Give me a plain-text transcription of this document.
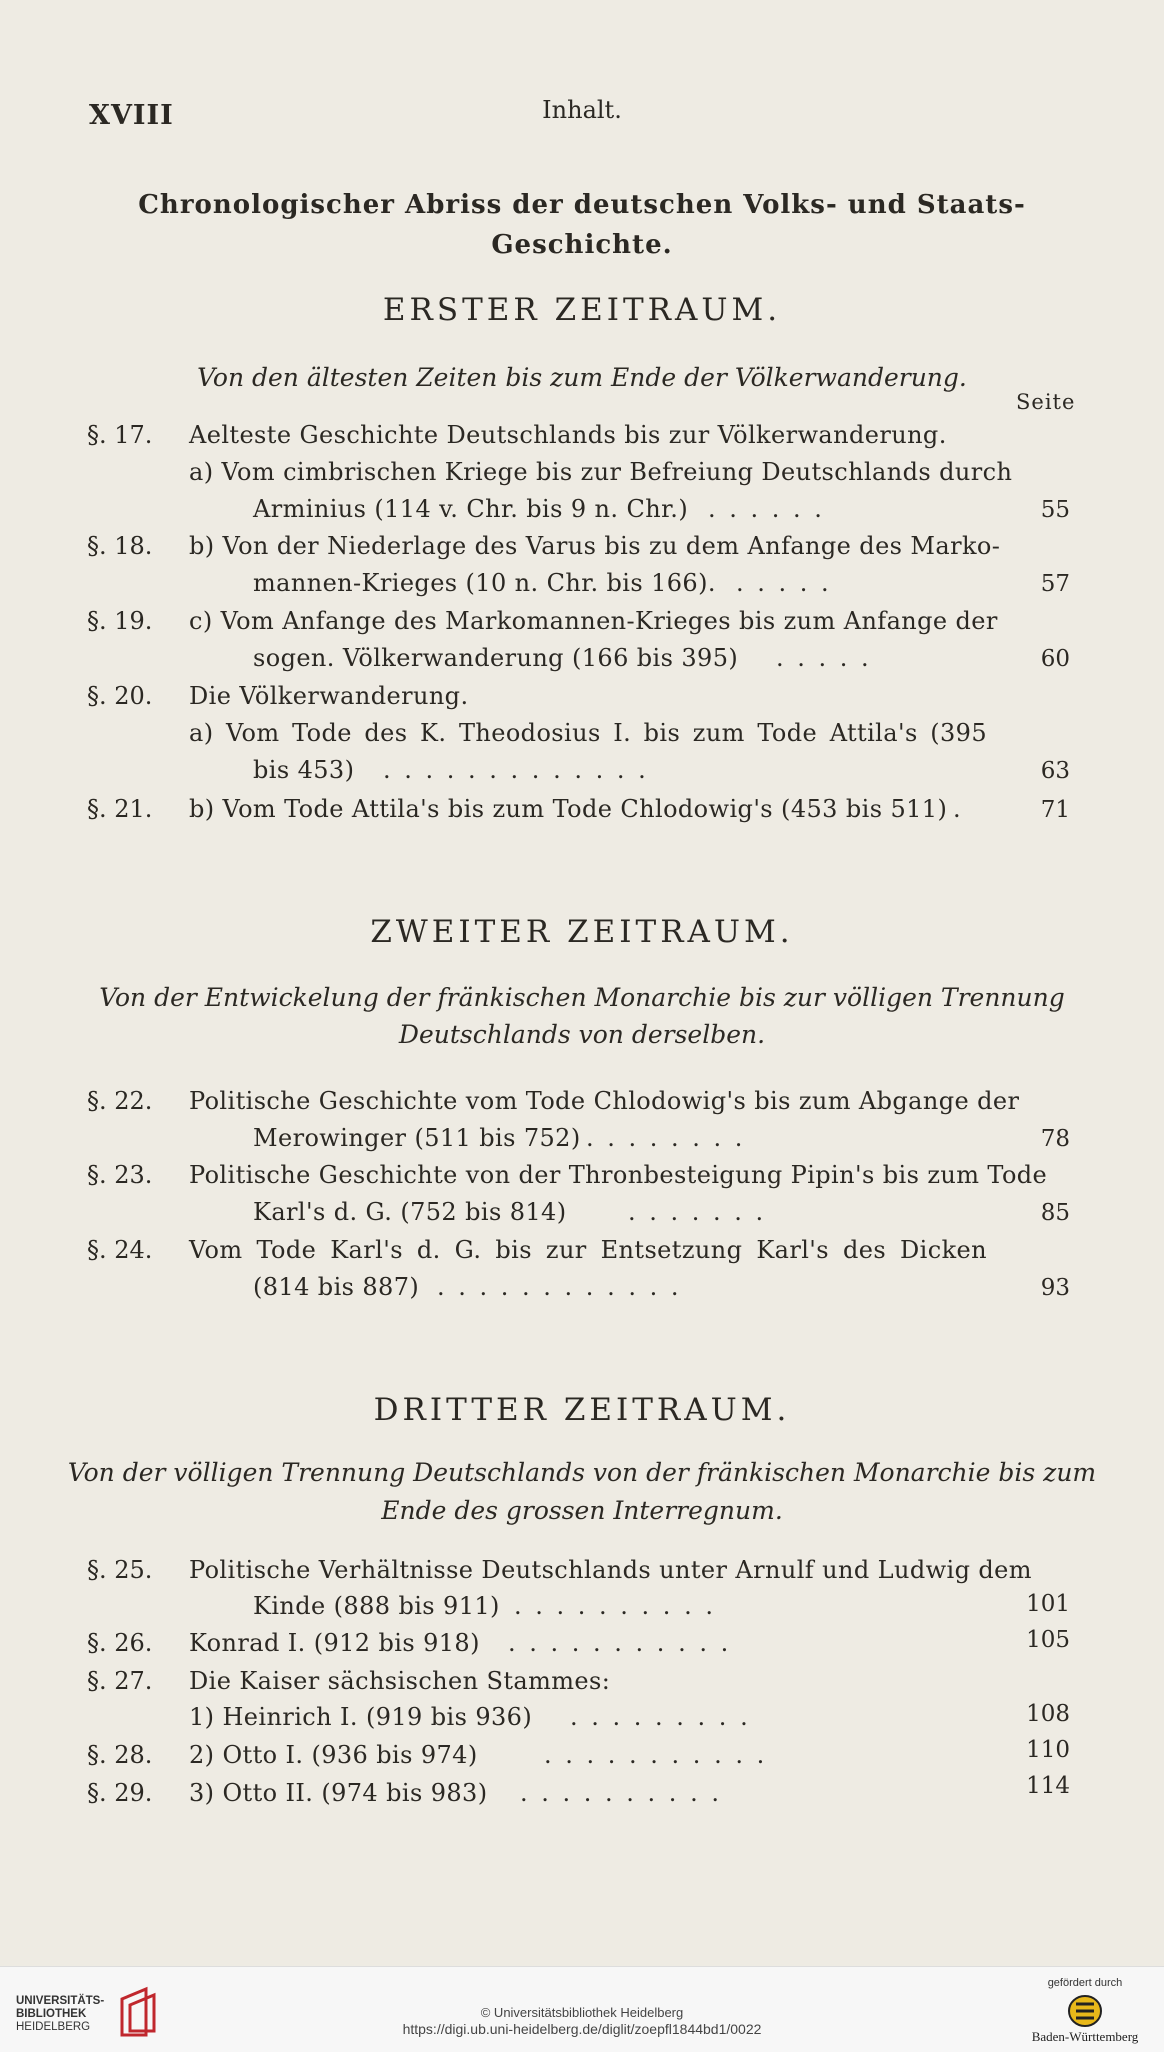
XVIII	Inhalt.
Chronologischer Abriss der deutschen Volks- und Staats-
Geschichte.
ERSTER ZEITRAUM.
Von den ältesten Zeiten bis zum Ende der Völkerwanderung.
Seite
§. 17. Aelteste Geschichte Deutschlands bis zur Völkerwanderung.
a) Vom cimbrischen Kriege bis zur Befreiung Deutschlands durch
Arminius (114 v. Chr. bis 9 n. Chr.) . . . . . .	55
§. 18. b) Von der Niederlage des Varus bis zu dem Anfange des Marko-
mannen-Krieges (10 n. Chr. bis 166). . . . . .	57
§. 19. c) Vom Anfange des Markomannen-Krieges bis zum Anfange der
sogen. Völkerwanderung (166 bis 395) . . . . .	60
§. 20. Die Völkerwanderung.
a) Vom Tode des K. Theodosius I. bis zum Tode Attila's (395
bis 453) . . . . . . . . . . . . .	63
§. 21. b) Vom Tode Attila's bis zum Tode Chlodowig's (453 bis 511) .	71
ZWEITER ZEITRAUM.
Von der Entwickelung der fränkischen Monarchie bis zur völligen Trennung
Deutschlands von derselben.
§. 22. Politische Geschichte vom Tode Chlodowig's bis zum Abgange der
Merowinger (511 bis 752) . . . . . . . .	78
§. 23. Politische Geschichte von der Thronbesteigung Pipin's bis zum Tode
Karl's d. G. (752 bis 814)	. . . . . . .	85
§. 24. Vom Tode Karl's d. G. bis zur Entsetzung Karl's des Dicken
(814 bis 887) . . . . . . . . . . . .	93
DRITTER ZEITRAUM.
Von der völligen Trennung Deutschlands von der fränkischen Monarchie bis zum
Ende des grossen Interregnum.
§. 25. Politische Verhältnisse Deutschlands unter Arnulf und Ludwig dem
Kinde (888 bis 911) . . . . . . . . . .	101
§. 26. Konrad I. (912 bis 918) . . . . . . . . . . .	105
§. 27. Die Kaiser sächsischen Stammes:
1) Heinrich I. (919 bis 936) . . . . . . . . .	108
§. 28. 2) Otto I. (936 bis 974)	. . . . . . . . . . .	110
§. 29. 3) Otto II. (974 bis 983) . . . . . . . . . .	114
UNIVERSITÄTS-
BIBLIOTHEK
HEIDELBERG
© Universitätsbibliothek Heidelberg
https://digi.ub.uni-heidelberg.de/diglit/zoepfl1844bd1/0022
gefördert durch
Baden-Württemberg
